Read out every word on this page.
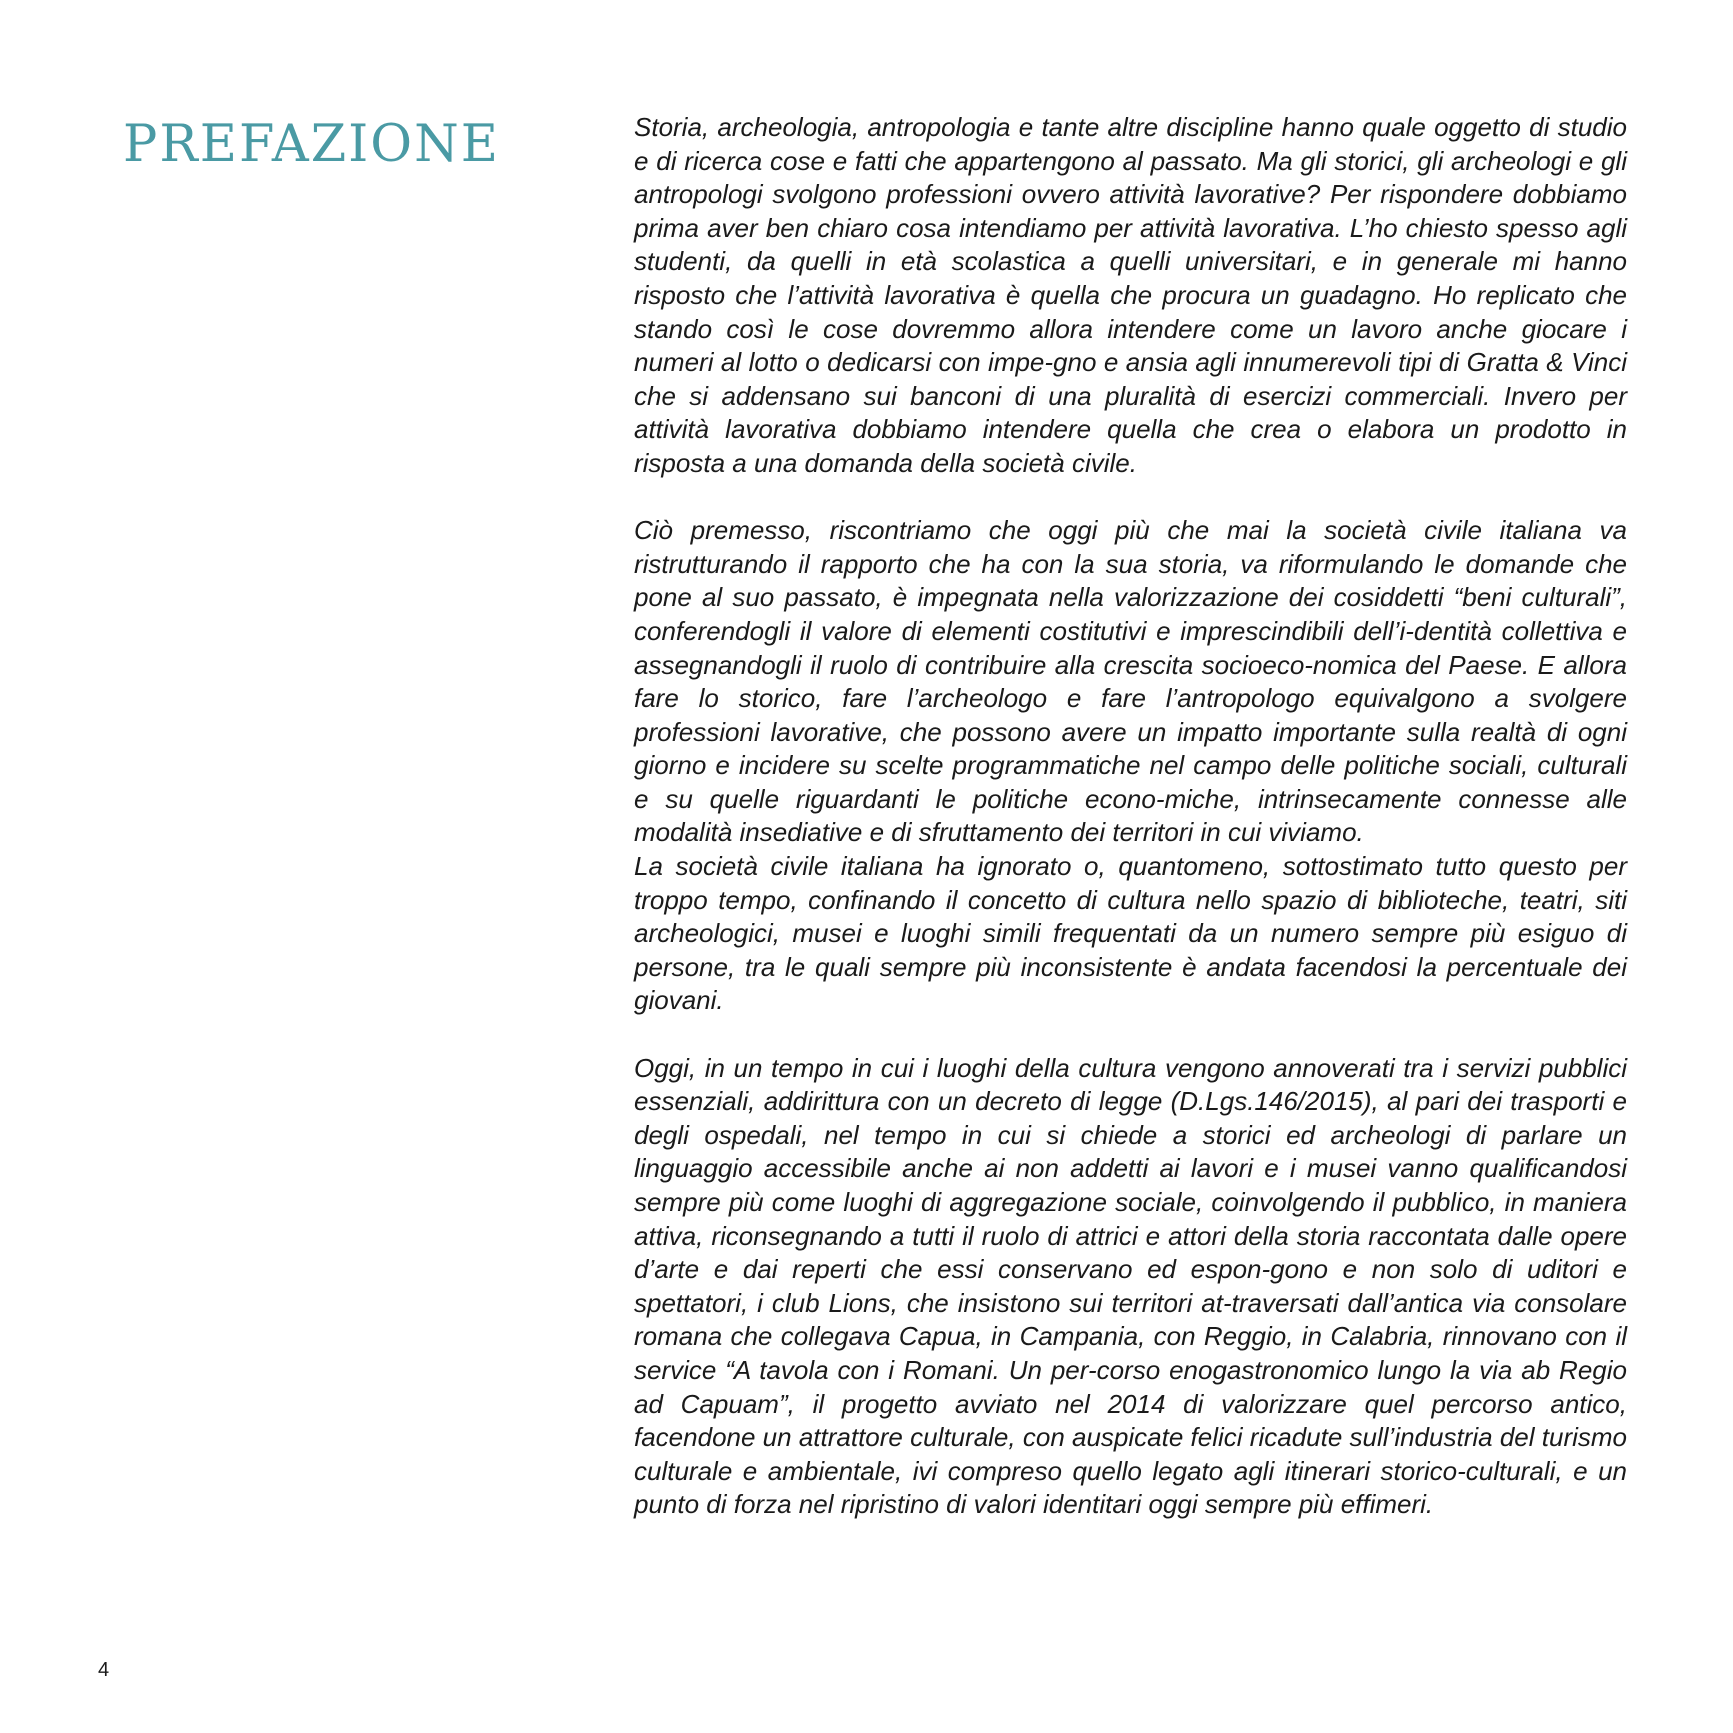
PREFAZIONE	Storia, archeologia, antropologia e tante altre discipline hanno quale oggetto di studio e di ricerca cose e fatti che appartengono al passato. Ma gli storici, gli archeologi e gli antropologi svolgono professioni ovvero attività lavorative? Per rispondere dobbiamo prima aver ben chiaro cosa intendiamo per attività lavorativa. L’ho chiesto spesso agli studenti, da quelli in età scolastica a quelli universitari, e in generale mi hanno risposto che l’attività lavorativa è quella che procura un guadagno. Ho replicato che stando così le cose dovremmo allora intendere come un lavoro anche giocare i numeri al lotto o dedicarsi con impe-gno e ansia agli innumerevoli tipi di Gratta & Vinci che si addensano sui banconi di una pluralità di esercizi commerciali. Invero per attività lavorativa dobbiamo intendere quella che crea o elabora un prodotto in risposta a una domanda della società civile.

Ciò premesso, riscontriamo che oggi più che mai la società civile italiana va ristrutturando il rapporto che ha con la sua storia, va riformulando le domande che pone al suo passato, è impegnata nella valorizzazione dei cosiddetti “beni culturali”, conferendogli il valore di elementi costitutivi e imprescindibili dell’i-dentità collettiva e assegnandogli il ruolo di contribuire alla crescita socioeco-nomica del Paese. E allora fare lo storico, fare l’archeologo e fare l’antropologo equivalgono a svolgere professioni lavorative, che possono avere un impatto importante sulla realtà di ogni giorno e incidere su scelte programmatiche nel campo delle politiche sociali, culturali e su quelle riguardanti le politiche econo-miche, intrinsecamente connesse alle modalità insediative e di sfruttamento dei territori in cui viviamo.

La società civile italiana ha ignorato o, quantomeno, sottostimato tutto questo per troppo tempo, confinando il concetto di cultura nello spazio di biblioteche, teatri, siti archeologici, musei e luoghi simili frequentati da un numero sempre più esiguo di persone, tra le quali sempre più inconsistente è andata facendosi la percentuale dei giovani.

Oggi, in un tempo in cui i luoghi della cultura vengono annoverati tra i servizi pubblici essenziali, addirittura con un decreto di legge (D.Lgs.146/2015), al pari dei trasporti e degli ospedali, nel tempo in cui si chiede a storici ed archeologi di parlare un linguaggio accessibile anche ai non addetti ai lavori e i musei vanno qualificandosi sempre più come luoghi di aggregazione sociale, coinvolgendo il pubblico, in maniera attiva, riconsegnando a tutti il ruolo di attrici e attori della storia raccontata dalle opere d’arte e dai reperti che essi conservano ed espon-gono e non solo di uditori e spettatori, i club Lions, che insistono sui territori at-traversati dall’antica via consolare romana che collegava Capua, in Campania, con Reggio, in Calabria, rinnovano con il service “A tavola con i Romani. Un per-corso enogastronomico lungo la via ab Regio ad Capuam”, il progetto avviato nel 2014 di valorizzare quel percorso antico, facendone un attrattore culturale, con auspicate felici ricadute sull’industria del turismo culturale e ambientale, ivi compreso quello legato agli itinerari storico-culturali, e un punto di forza nel ripristino di valori identitari oggi sempre più effimeri.

4
